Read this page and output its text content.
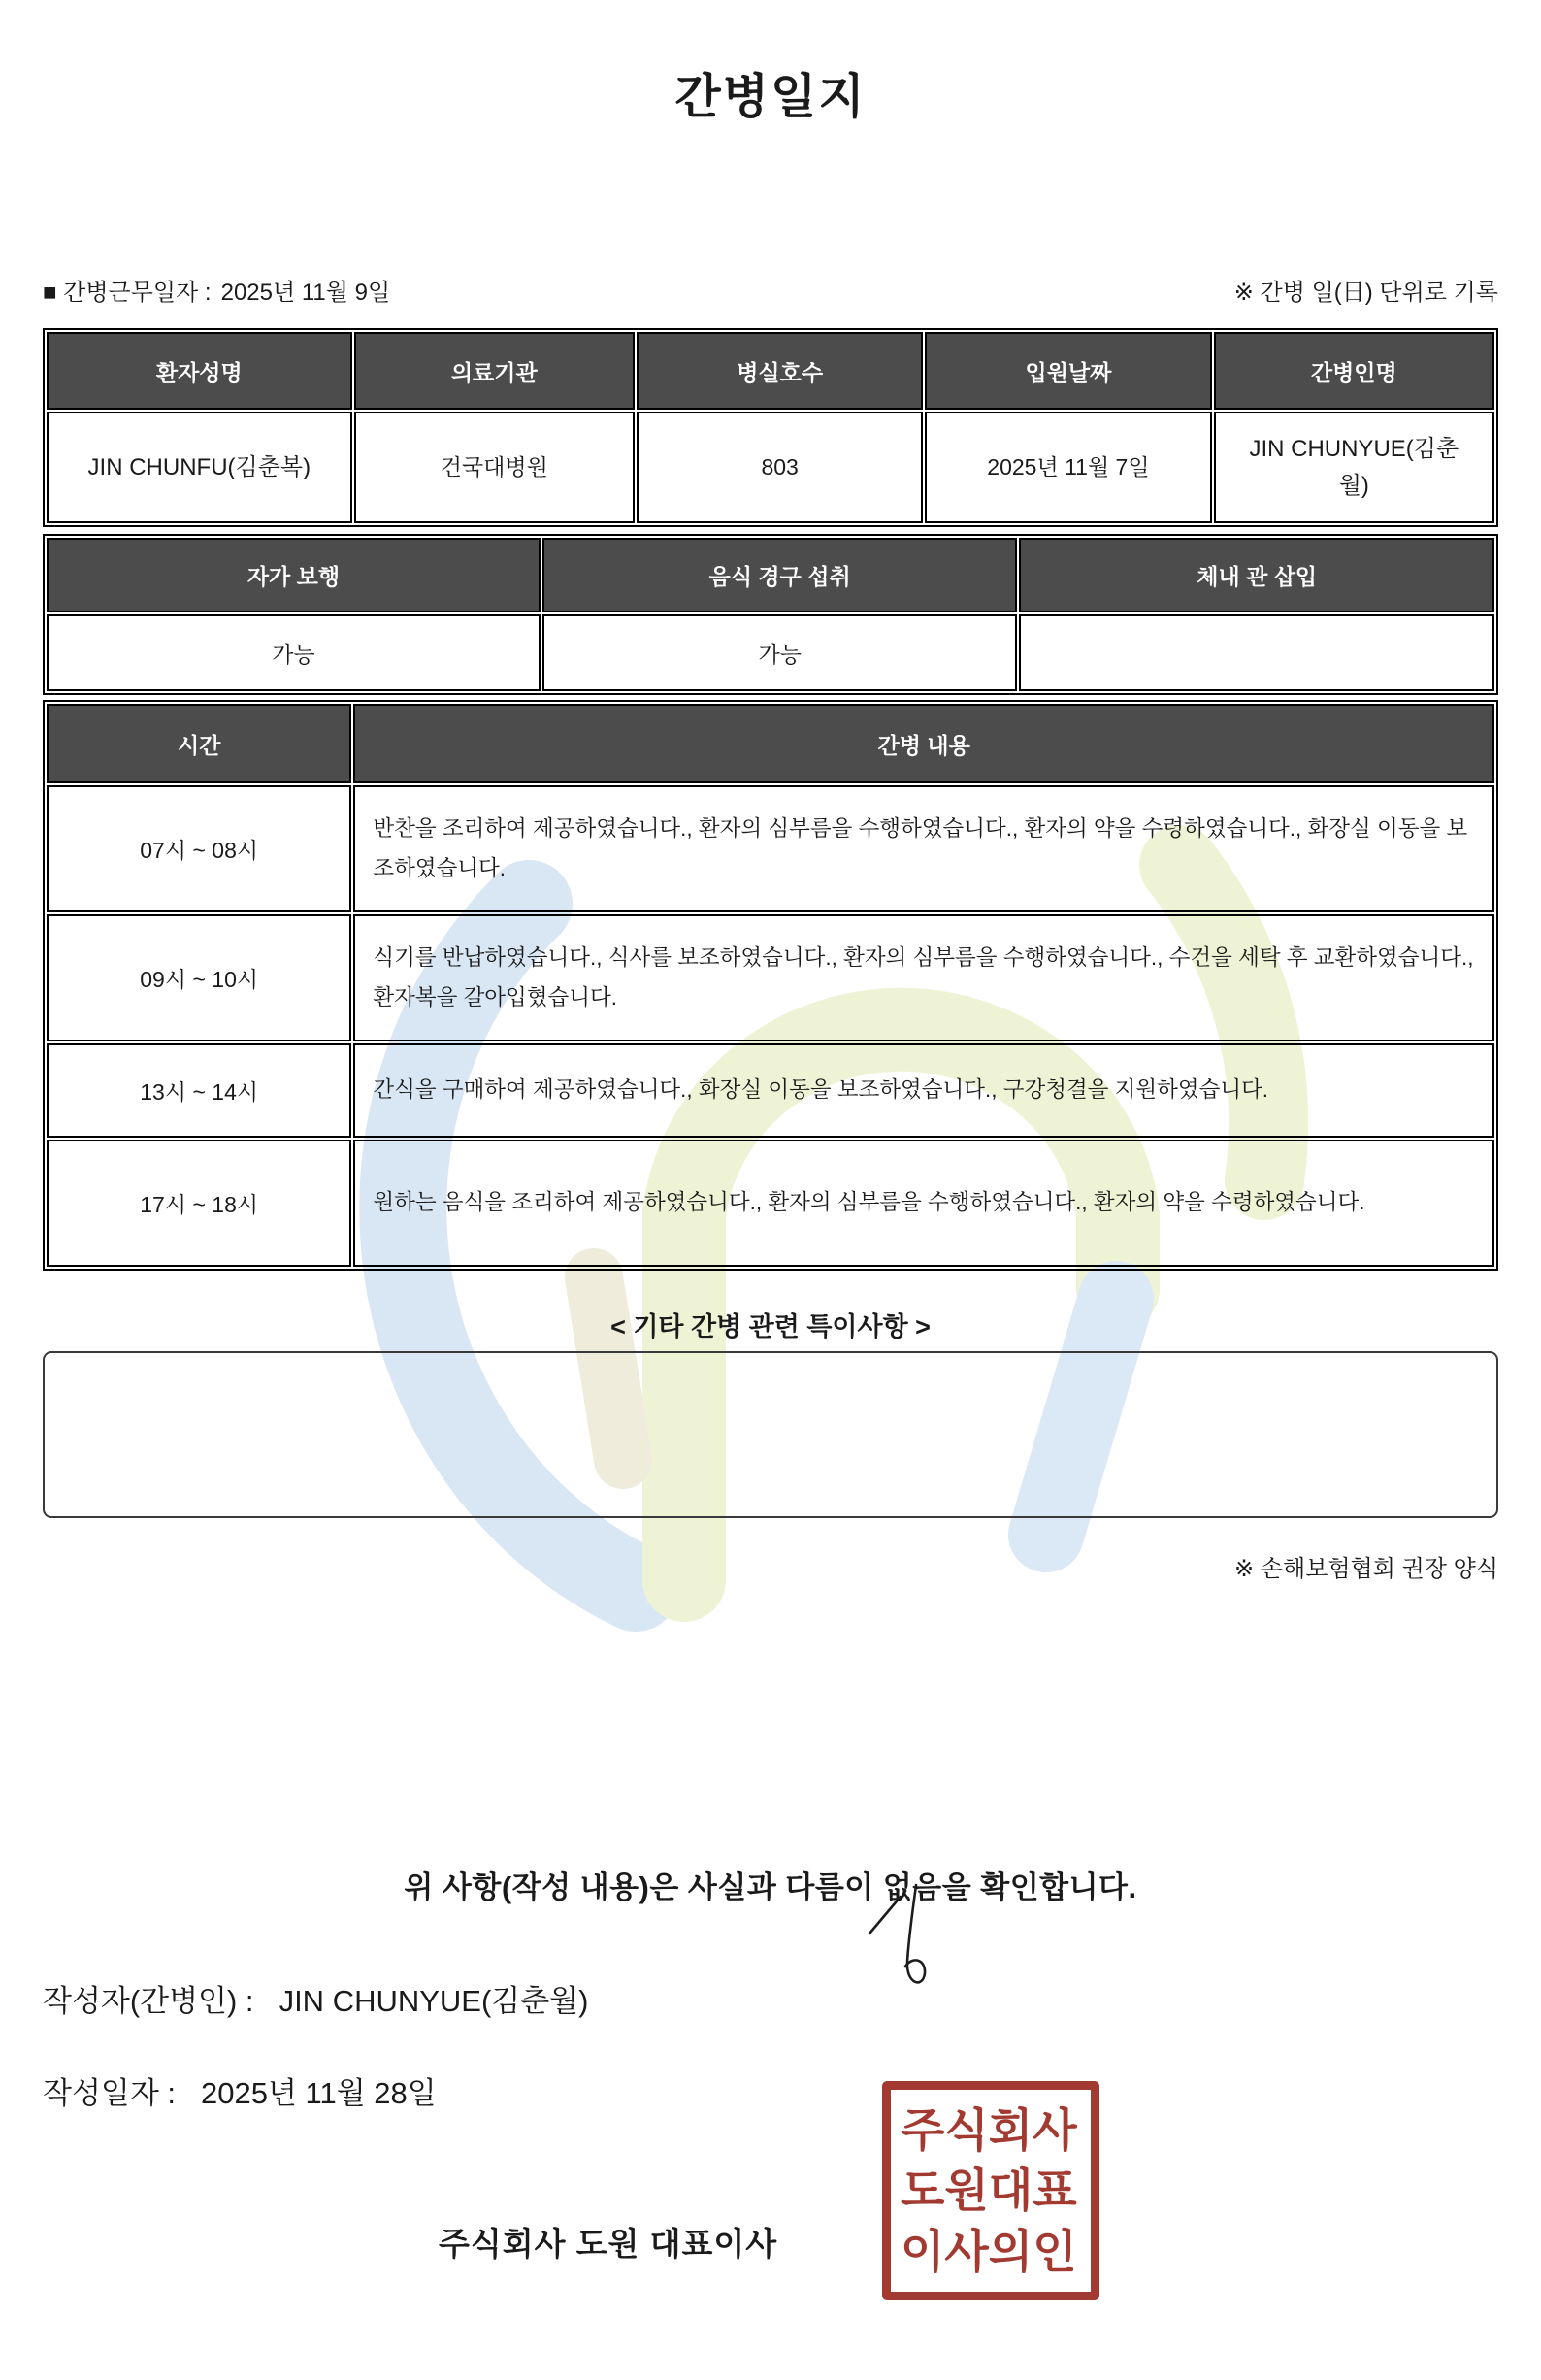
간병일지
■ 간병근무일자 : 2025년 11월 9일	※ 간병 일(日) 단위로 기록
환자성명	의료기관	병실호수	입원날짜	간병인명
JIN CHUNFU(김춘복)	건국대병원	803	2025년 11월 7일	JIN CHUNYUE(김춘월)
자가 보행	음식 경구 섭취	체내 관 삽입
가능	가능	
시간	간병 내용
07시 ~ 08시	반찬을 조리하여 제공하였습니다., 환자의 심부름을 수행하였습니다., 환자의 약을 수령하였습니다., 화장실 이동을 보조하였습니다.
09시 ~ 10시	식기를 반납하였습니다., 식사를 보조하였습니다., 환자의 심부름을 수행하였습니다., 수건을 세탁 후 교환하였습니다., 환자복을 갈아입혔습니다.
13시 ~ 14시	간식을 구매하여 제공하였습니다., 화장실 이동을 보조하였습니다., 구강청결을 지원하였습니다.
17시 ~ 18시	원하는 음식을 조리하여 제공하였습니다., 환자의 심부름을 수행하였습니다., 환자의 약을 수령하였습니다.
< 기타 간병 관련 특이사항 >
※ 손해보험협회 권장 양식
위 사항(작성 내용)은 사실과 다름이 없음을 확인합니다.
작성자(간병인) : JIN CHUNYUE(김춘월)
작성일자 : 2025년 11월 28일
주식회사 도원 대표이사
주식회사
도원대표
이사의인
